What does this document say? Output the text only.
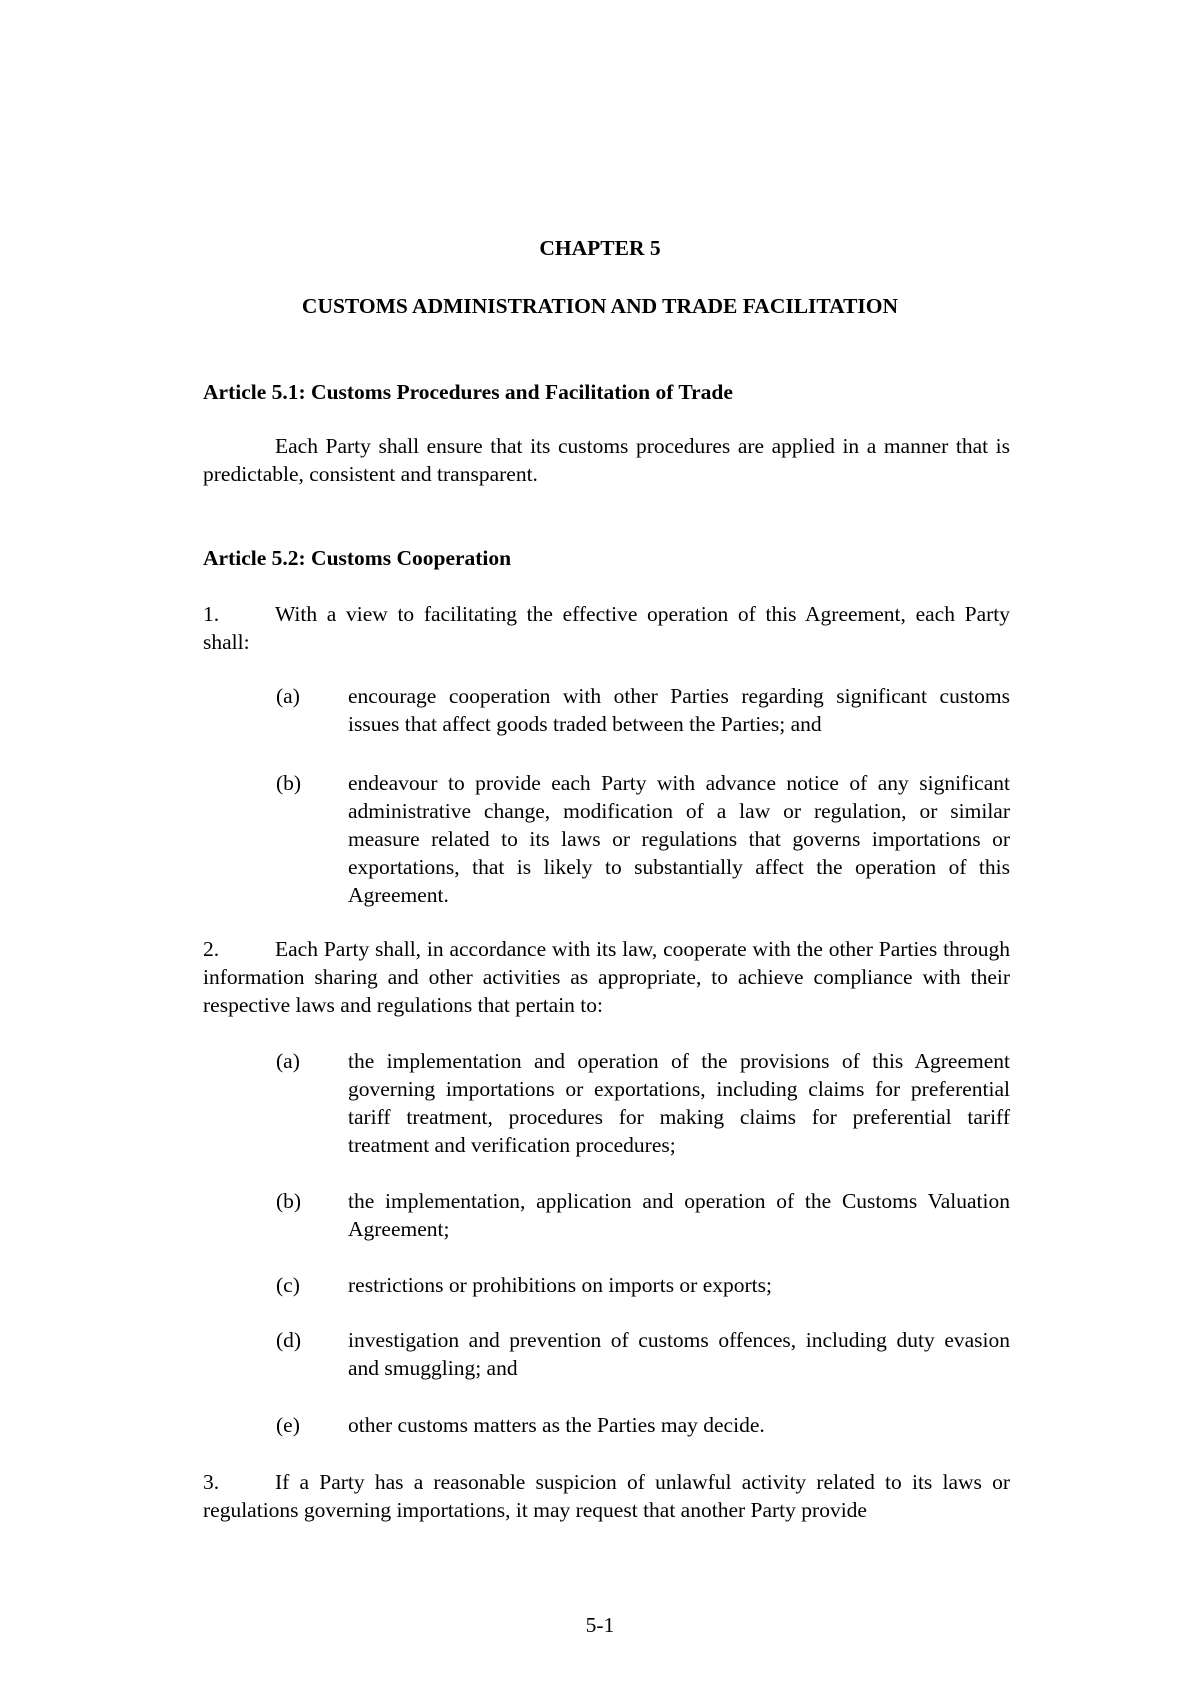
CHAPTER 5
CUSTOMS ADMINISTRATION AND TRADE FACILITATION
Article 5.1: Customs Procedures and Facilitation of Trade
Each Party shall ensure that its customs procedures are applied in a manner that is predictable, consistent and transparent.
Article 5.2: Customs Cooperation
1.	With a view to facilitating the effective operation of this Agreement, each Party shall:
(a) encourage cooperation with other Parties regarding significant customs issues that affect goods traded between the Parties; and
(b) endeavour to provide each Party with advance notice of any significant administrative change, modification of a law or regulation, or similar measure related to its laws or regulations that governs importations or exportations, that is likely to substantially affect the operation of this Agreement.
2.	Each Party shall, in accordance with its law, cooperate with the other Parties through information sharing and other activities as appropriate, to achieve compliance with their respective laws and regulations that pertain to:
(a) the implementation and operation of the provisions of this Agreement governing importations or exportations, including claims for preferential tariff treatment, procedures for making claims for preferential tariff treatment and verification procedures;
(b) the implementation, application and operation of the Customs Valuation Agreement;
(c) restrictions or prohibitions on imports or exports;
(d) investigation and prevention of customs offences, including duty evasion and smuggling; and
(e) other customs matters as the Parties may decide.
3.	If a Party has a reasonable suspicion of unlawful activity related to its laws or regulations governing importations, it may request that another Party provide
5-1
